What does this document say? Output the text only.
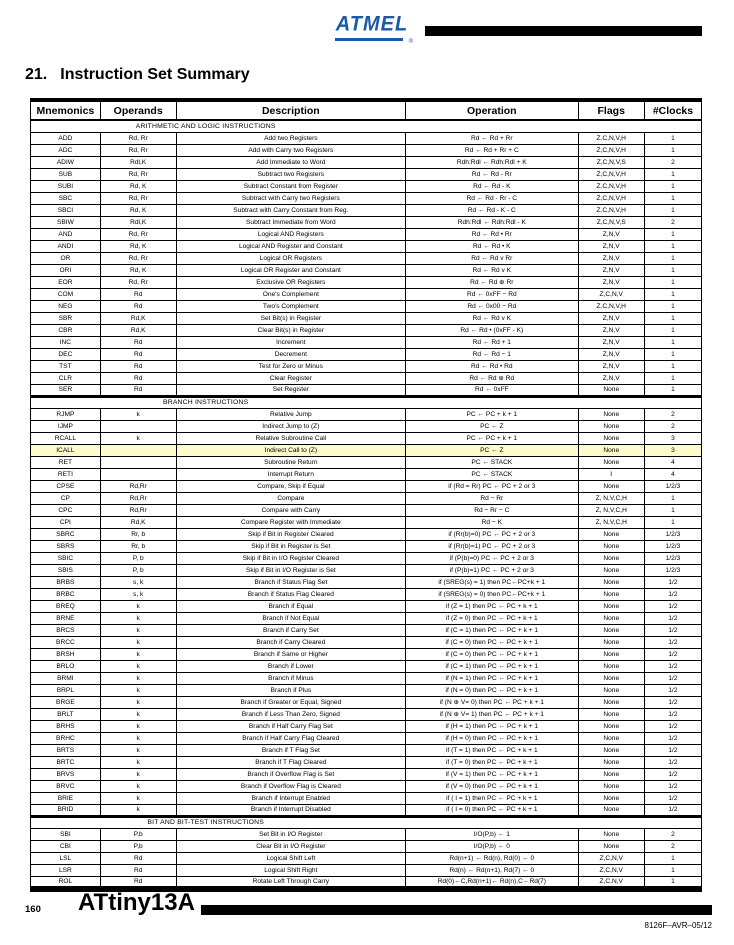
ATMEL
®
21. Instruction Set Summary
Mnemonics	Operands	Description	Operation	Flags	#Clocks

ARITHMETIC AND LOGIC INSTRUCTIONS					

ADD	Rd, Rr	Add two Registers	Rd ← Rd + Rr	Z,C,N,V,H	1
ADC	Rd, Rr	Add with Carry two Registers	Rd ← Rd + Rr + C	Z,C,N,V,H	1
ADIW	Rdl,K	Add Immediate to Word	Rdh:Rdl ← Rdh:Rdl + K	Z,C,N,V,S	2
SUB	Rd, Rr	Subtract two Registers	Rd ← Rd - Rr	Z,C,N,V,H	1
SUBI	Rd, K	Subtract Constant from Register	Rd ← Rd - K	Z,C,N,V,H	1
SBC	Rd, Rr	Subtract with Carry two Registers	Rd ← Rd - Rr - C	Z,C,N,V,H	1
SBCI	Rd, K	Subtract with Carry Constant from Reg.	Rd ← Rd - K - C	Z,C,N,V,H	1
SBIW	Rdl,K	Subtract Immediate from Word	Rdh:Rdl ← Rdh:Rdl - K	Z,C,N,V,S	2
AND	Rd, Rr	Logical AND Registers	Rd ← Rd • Rr	Z,N,V	1
ANDI	Rd, K	Logical AND Register and Constant	Rd ← Rd • K	Z,N,V	1
OR	Rd, Rr	Logical OR Registers	Rd ← Rd v Rr	Z,N,V	1
ORI	Rd, K	Logical OR Register and Constant	Rd ← Rd v K	Z,N,V	1
EOR	Rd, Rr	Exclusive OR Registers	Rd ← Rd ⊕ Rr	Z,N,V	1
COM	Rd	One's Complement	Rd ← 0xFF − Rd	Z,C,N,V	1
NEG	Rd	Two's Complement	Rd ← 0x00 − Rd	Z,C,N,V,H	1
SBR	Rd,K	Set Bit(s) in Register	Rd ← Rd v K	Z,N,V	1
CBR	Rd,K	Clear Bit(s) in Register	Rd ← Rd • (0xFF - K)	Z,N,V	1
INC	Rd	Increment	Rd ← Rd + 1	Z,N,V	1
DEC	Rd	Decrement	Rd ← Rd − 1	Z,N,V	1
TST	Rd	Test for Zero or Minus	Rd ← Rd • Rd	Z,N,V	1
CLR	Rd	Clear Register	Rd ← Rd ⊕ Rd	Z,N,V	1
SER	Rd	Set Register	Rd ← 0xFF	None	1

BRANCH INSTRUCTIONS					

RJMP	k	Relative Jump	PC ← PC + k + 1	None	2
IJMP		Indirect Jump to (Z)	PC ← Z	None	2
RCALL	k	Relative Subroutine Call	PC ← PC + k + 1	None	3
ICALL		Indirect Call to (Z)	PC ← Z	None	3
RET		Subroutine Return	PC ← STACK	None	4
RETI		Interrupt Return	PC ← STACK	I	4
CPSE	Rd,Rr	Compare, Skip if Equal	if (Rd = Rr) PC ← PC + 2 or 3	None	1/2/3
CP	Rd,Rr	Compare	Rd − Rr	Z, N,V,C,H	1
CPC	Rd,Rr	Compare with Carry	Rd − Rr − C	Z, N,V,C,H	1
CPI	Rd,K	Compare Register with Immediate	Rd − K	Z, N,V,C,H	1
SBRC	Rr, b	Skip if Bit in Register Cleared	if (Rr(b)=0) PC ← PC + 2 or 3	None	1/2/3
SBRS	Rr, b	Skip if Bit in Register is Set	if (Rr(b)=1) PC ← PC + 2 or 3	None	1/2/3
SBIC	P, b	Skip if Bit in I/O Register Cleared	if (P(b)=0) PC ← PC + 2 or 3	None	1/2/3
SBIS	P, b	Skip if Bit in I/O Register is Set	if (P(b)=1) PC ← PC + 2 or 3	None	1/2/3
BRBS	s, k	Branch if Status Flag Set	if (SREG(s) = 1) then PC←PC+k + 1	None	1/2
BRBC	s, k	Branch if Status Flag Cleared	if (SREG(s) = 0) then PC←PC+k + 1	None	1/2
BREQ	k	Branch if Equal	if (Z = 1) then PC ← PC + k + 1	None	1/2
BRNE	k	Branch if Not Equal	if (Z = 0) then PC ← PC + k + 1	None	1/2
BRCS	k	Branch if Carry Set	if (C = 1) then PC ← PC + k + 1	None	1/2
BRCC	k	Branch if Carry Cleared	if (C = 0) then PC ← PC + k + 1	None	1/2
BRSH	k	Branch if Same or Higher	if (C = 0) then PC ← PC + k + 1	None	1/2
BRLO	k	Branch if Lower	if (C = 1) then PC ← PC + k + 1	None	1/2
BRMI	k	Branch if Minus	if (N = 1) then PC ← PC + k + 1	None	1/2
BRPL	k	Branch if Plus	if (N = 0) then PC ← PC + k + 1	None	1/2
BRGE	k	Branch if Greater or Equal, Signed	if (N ⊕ V= 0) then PC ← PC + k + 1	None	1/2
BRLT	k	Branch if Less Than Zero, Signed	if (N ⊕ V= 1) then PC ← PC + k + 1	None	1/2
BRHS	k	Branch if Half Carry Flag Set	if (H = 1) then PC ← PC + k + 1	None	1/2
BRHC	k	Branch if Half Carry Flag Cleared	if (H = 0) then PC ← PC + k + 1	None	1/2
BRTS	k	Branch if T Flag Set	if (T = 1) then PC ← PC + k + 1	None	1/2
BRTC	k	Branch if T Flag Cleared	if (T = 0) then PC ← PC + k + 1	None	1/2
BRVS	k	Branch if Overflow Flag is Set	if (V = 1) then PC ← PC + k + 1	None	1/2
BRVC	k	Branch if Overflow Flag is Cleared	if (V = 0) then PC ← PC + k + 1	None	1/2
BRIE	k	Branch if Interrupt Enabled	if ( I = 1) then PC ← PC + k + 1	None	1/2
BRID	k	Branch if Interrupt Disabled	if ( I = 0) then PC ← PC + k + 1	None	1/2

BIT AND BIT-TEST INSTRUCTIONS					

SBI	P,b	Set Bit in I/O Register	I/O(P,b) ← 1	None	2
CBI	P,b	Clear Bit in I/O Register	I/O(P,b) ← 0	None	2
LSL	Rd	Logical Shift Left	Rd(n+1) ← Rd(n), Rd(0) ← 0	Z,C,N,V	1
LSR	Rd	Logical Shift Right	Rd(n) ← Rd(n+1), Rd(7) ← 0	Z,C,N,V	1
ROL	Rd	Rotate Left Through Carry	Rd(0)←C,Rd(n+1)← Rd(n),C←Rd(7)	Z,C,N,V	1
160 ATtiny13A
8126F–AVR–05/12
